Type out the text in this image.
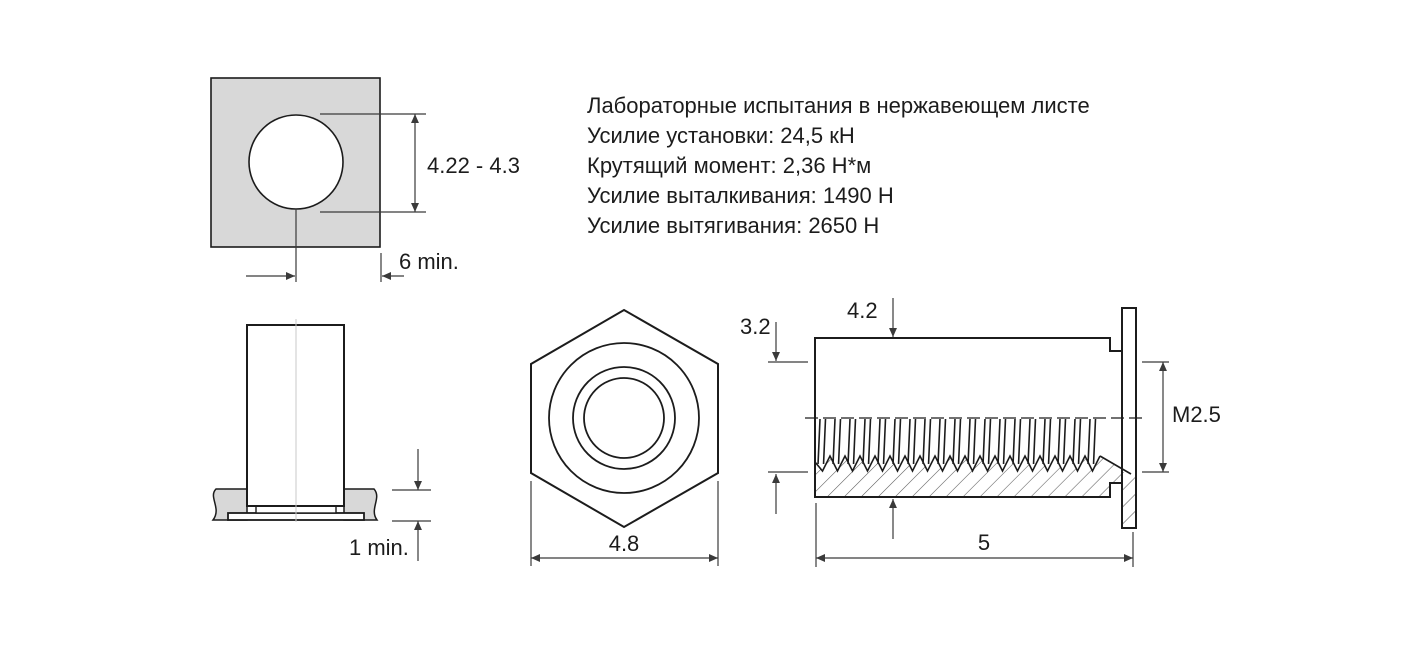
4.22 - 4.3
6 min.
1 min.	4.8
4.2
3.2
M2.5
5
Лабораторные испытания в нержавеющем листе
Усилие установки: 24,5 кН
Крутящий момент: 2,36 Н*м
Усилие выталкивания: 1490 Н
Усилие вытягивания: 2650 Н
